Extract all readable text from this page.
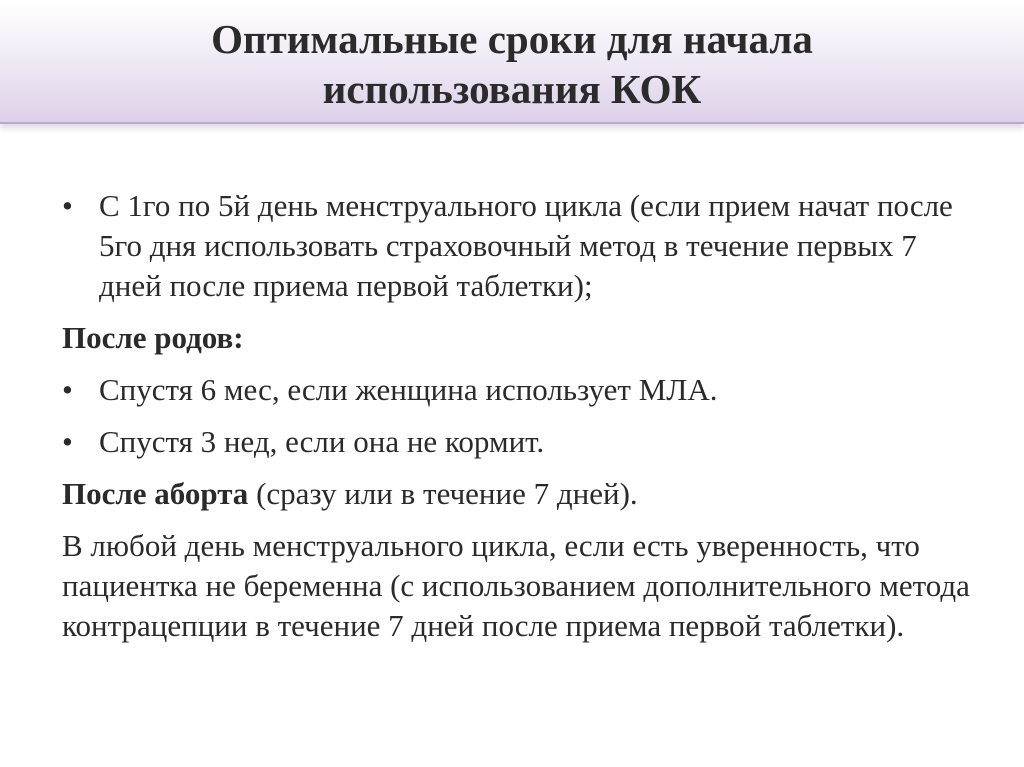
Оптимальные сроки для начала
использования КОК
• С 1го по 5й день менструального цикла (если прием начат после 5го дня использовать страховочный метод в течение первых 7 дней после приема первой таблетки);
После родов:
• Спустя 6 мес, если женщина использует МЛА.
• Спустя 3 нед, если она не кормит.
После аборта (сразу или в течение 7 дней).
В любой день менструального цикла, если есть уверенность, что пациентка не беременна (с использованием дополнительного метода контрацепции в течение 7 дней после приема первой таблетки).
